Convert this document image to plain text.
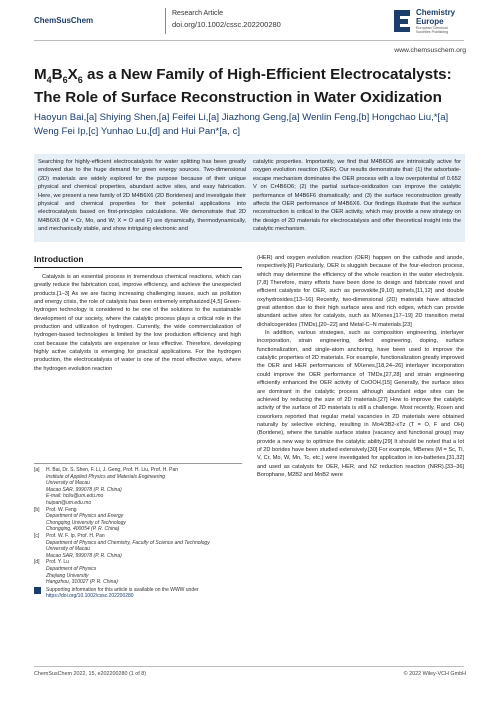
ChemSusChem
Research Article
doi.org/10.1002/cssc.202200280
Chemistry
Europe
European Chemical
Societies Publishing
www.chemsuschem.org
$M_4B_6X_6$ as a New Family of High-Efficient Electrocatalysts:
The Role of Surface Reconstruction in Water Oxidization
Haoyun Bai,[a] Shiying Shen,[a] Feifei Li,[a] Jiazhong Geng,[a] Wenlin Feng,[b] Hongchao Liu,*[a]
Weng Fei Ip,[c] Yunhao Lu,[d] and Hui Pan*[a, c]
Searching for highly-efficient electrocatalysts for water splitting has been greatly endowed due to the huge demand for green energy sources. Two-dimensional (2D) materials are widely explored for the purpose because of their unique physical and chemical properties, abundant active sites, and easy fabrication. Here, we present a new family of 2D M4B6X6 (2D Boridenes) and investigate their physical and chemical properties for their potential applications into electrocatalysis based on first-principles calculations. We demonstrate that 2D M4B6X6 (M = Cr, Mo, and W; X = O and F) are dynamically, thermodynamically, and mechanically stable, and show intriguing electronic and
catalytic properties. Importantly, we find that M4B6O6 are intrinsically active for oxygen evolution reaction (OER). Our results demonstrate that: (1) the adsorbate-escape mechanism dominates the OER process with a low overpotential of 0.652 V on Cr4B6O6; (2) the partial surface-oxidization can improve the catalytic performance of M4B6F6 dramatically; and (3) the surface reconstruction greatly affects the OER performance of M4B6X6. Our findings illustrate that the surface reconstruction is critical to the OER activity, which may provide a new strategy on the design of 2D materials for electrocatalysis and offer theoretical insight into the catalytic mechanism.
Introduction

Catalysis is an essential process in tremendous chemical reactions, which can greatly reduce the fabrication cost, improve efficiency, and achieve the unexpected products.[1–3] As we are facing increasing challenging issues, such as pollution and energy crisis, the role of catalysis has been extremely emphasized.[4,5] Green-hydrogen technology is considered to be one of the solutions to the sustainable development of our society, where the catalytic process plays a critical role in the production and utilization of hydrogen. Currently, the wide commercialization of hydrogen-based technologies is limited by the low production efficiency and high cost because the catalysts are expensive or less effective. Therefore, developing highly active catalysts is emerging for practical applications. For the hydrogen production, the electrocatalysis of water is one of the most effective ways, where the hydrogen evolution reaction

[a]	H. Bai, Dr. S. Shen, F. Li, J. Geng, Prof. H. Liu, Prof. H. Pan
Institute of Applied Physics and Materials Engineering
University of Macau
Macao SAR, 999078 (P. R. China)
E-mail: hcliu@um.edu.mo
huipan@um.edu.mo
[b]	Prof. W. Feng
Department of Physics and Energy
Chongqing University of Technology
Chongqing, 400054 (P. R. China)
[c]	Prof. W. F. Ip, Prof. H. Pan
Department of Physics and Chemistry, Faculty of Science and Technology
University of Macau
Macao SAR, 999078 (P. R. China)
[d]	Prof. Y. Lu
Department of Physics
Zhejiang University
Hangzhou, 310027 (P. R. China)
Supporting information for this article is available on the WWW under
https://doi.org/10.1002/cssc.202200280

(HER) and oxygen evolution reaction (OER) happen on the cathode and anode, respectively.[6] Particularly, OER is sluggish because of the four-electron process, which may determine the efficiency of the whole reaction in the water electrolysis.[7,8] Therefore, many efforts have been done to design and fabricate novel and efficient catalysts for OER, such as perovskite,[9,10] spinels,[11,12] and double oxyhydroxides.[13–16] Recently, two-dimensional (2D) materials have attracted great attention due to their high surface area and rich edges, which can provide abundant active sites for catalysis, such as MXenes,[17–19] 2D transition metal dichalcogenides (TMDs),[20–22] and Metal-C–N materials.[23]

In addition, various strategies, such as composition engineering, interlayer incorporation, strain engineering, defect engineering, doping, surface functionalization, and single-atom anchoring, have been used to improve the catalytic properties of 2D materials. For example, functionalization greatly improved the OER and HER performances of MXenes,[18,24–26] interlayer incorporation could improve the OER performance of TMDs,[27,28] and strain engineering efficiently enhanced the OER activity of CoOOH.[15] Generally, the surface sites are dominant in the catalytic process although abundant edge sites can be achieved by reducing the size of 2D materials.[27] How to improve the catalytic activity of the surface of 2D materials is still a challenge. Most recently, Rosen and coworkers reported that regular metal vacancies in 2D materials were obtained naturally by selective etching, resulting in Mo4/3B2-xTz (T = O, F and OH) (Boridene), where the tunable surface states (vacancy and functional group) may provide a new way to optimize the catalytic ability.[29] It should be noted that a lot of 2D borides have been studied extensively.[30] For example, MBenes (M = Sc, Ti, V, Cr, Mo, W, Mn, Tc, etc.) were investigated for application in ion-batteries,[31,32] and used as catalysts for OER, HER, and N2 reduction reaction (NRR).[33–36] Borophane, M2B2 and MnB2 were

ChemSusChem 2022, 15, e202200280 (1 of 8)	© 2022 Wiley-VCH GmbH
